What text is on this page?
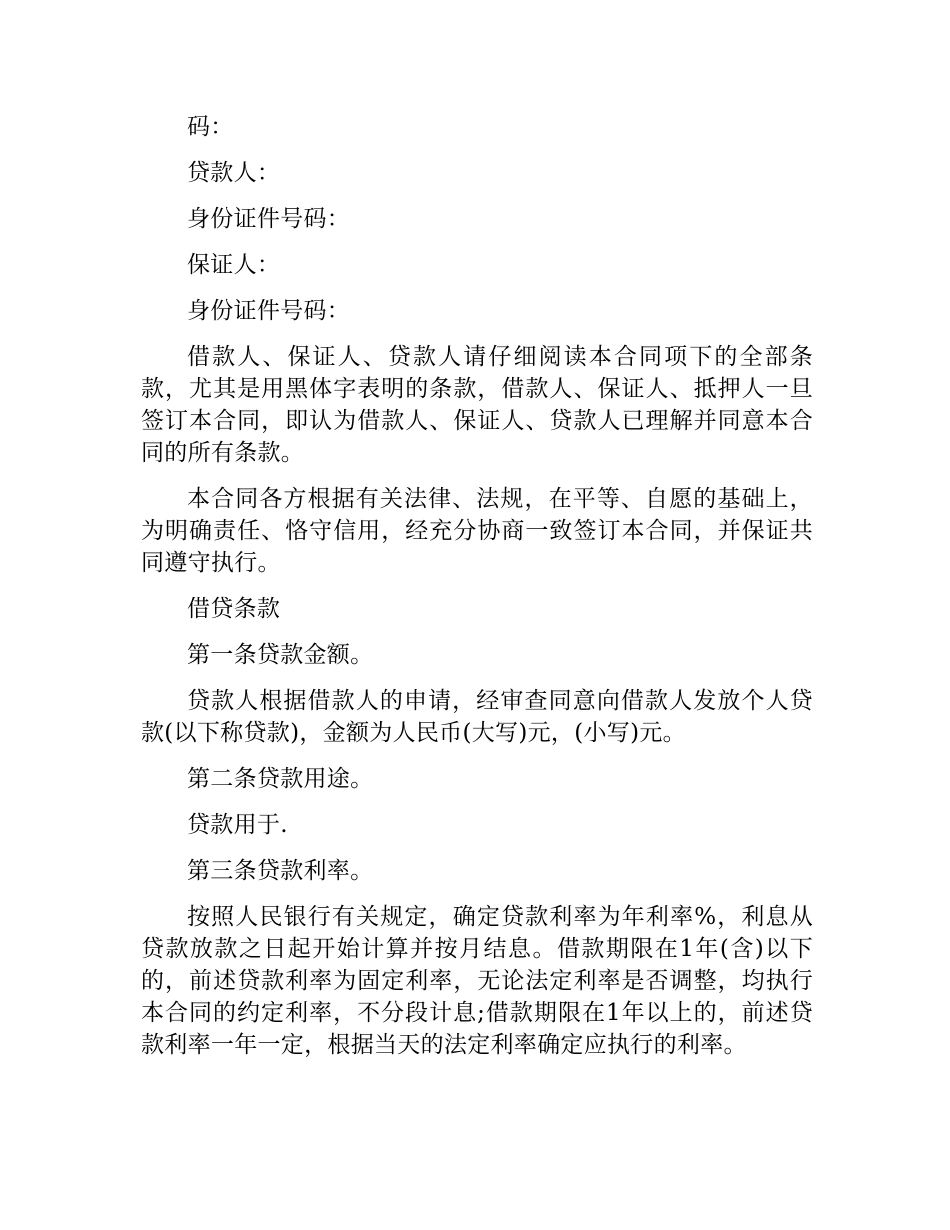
码：

贷款人：

身份证件号码：

保证人：

身份证件号码：

借款人、保证人、贷款人请仔细阅读本合同项下的全部条款，尤其是用黑体字表明的条款，借款人、保证人、抵押人一旦签订本合同，即认为借款人、保证人、贷款人已理解并同意本合同的所有条款。

本合同各方根据有关法律、法规，在平等、自愿的基础上，为明确责任、恪守信用，经充分协商一致签订本合同，并保证共同遵守执行。

借贷条款

第一条贷款金额。

贷款人根据借款人的申请，经审查同意向借款人发放个人贷款(以下称贷款)，金额为人民币(大写)元，(小写)元。

第二条贷款用途。

贷款用于.

第三条贷款利率。

按照人民银行有关规定，确定贷款利率为年利率%，利息从贷款放款之日起开始计算并按月结息。借款期限在1年(含)以下的，前述贷款利率为固定利率，无论法定利率是否调整，均执行本合同的约定利率，不分段计息;借款期限在1年以上的，前述贷款利率一年一定，根据当天的法定利率确定应执行的利率。
